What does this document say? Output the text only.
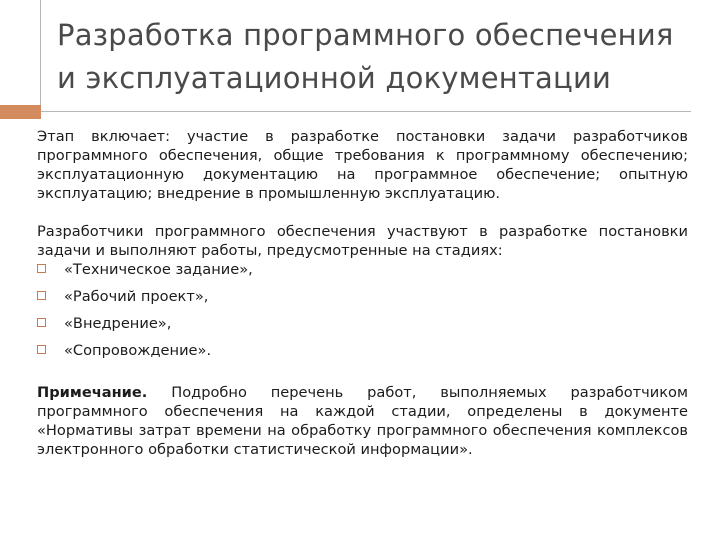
Разработка программного обеспечения
и эксплуатационной документации

Этап включает: участие в разработке постановки задачи разработчиков программного обеспечения, общие требования к программному обеспечению; эксплуатационную документацию на программное обеспечение; опытную эксплуатацию; внедрение в промышленную эксплуатацию.

Разработчики программного обеспечения участвуют в разработке постановки задачи и выполняют работы, предусмотренные на стадиях:

«Техническое задание»,
«Рабочий проект»,
«Внедрение»,
«Сопровождение».

Примечание. Подробно перечень работ, выполняемых разработчиком программного обеспечения на каждой стадии, определены в документе «Нормативы затрат времени на обработку программного обеспечения комплексов электронного обработки статистической информации».
